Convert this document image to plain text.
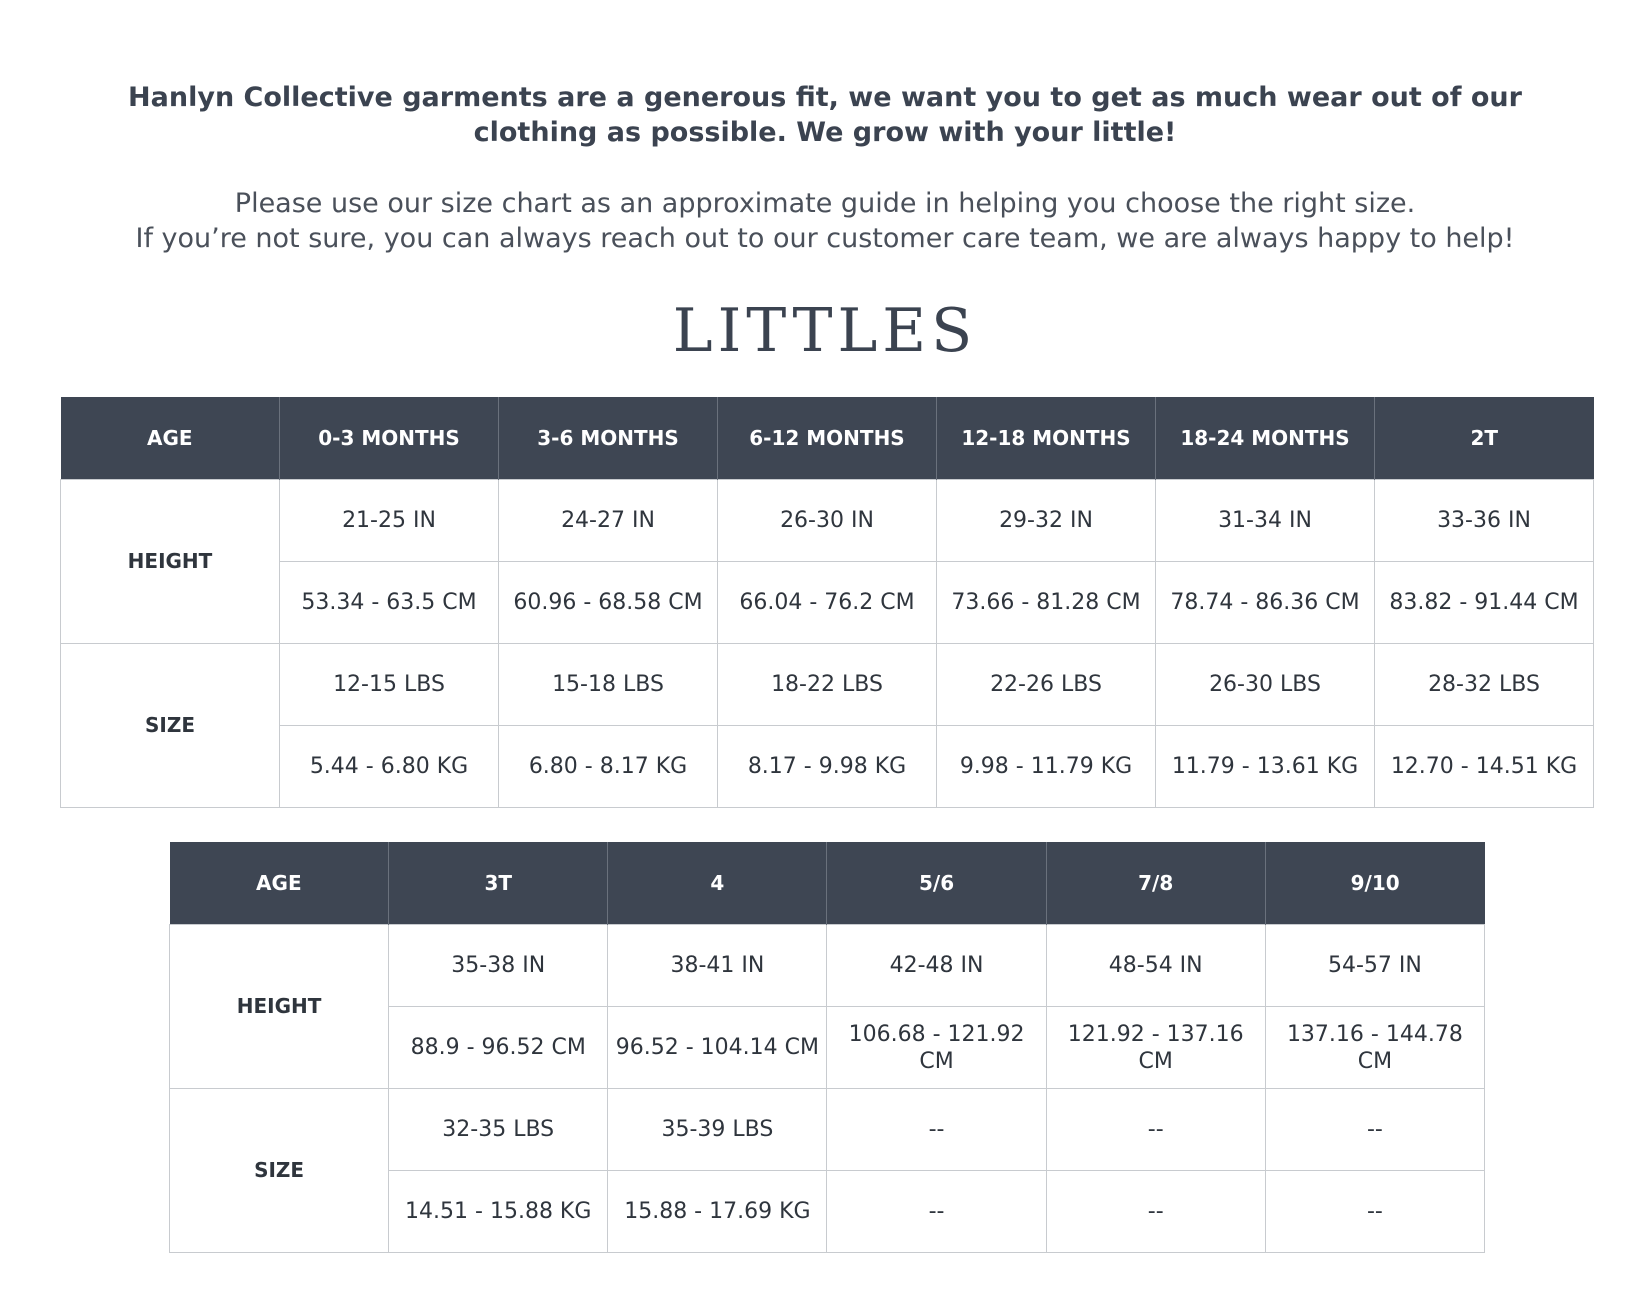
Hanlyn Collective garments are a generous fit, we want you to get as much wear out of our
clothing as possible. We grow with your little!
Please use our size chart as an approximate guide in helping you choose the right size.
If you’re not sure, you can always reach out to our customer care team, we are always happy to help!
LITTLES
AGE	0-3 MONTHS	3-6 MONTHS	6-12 MONTHS	12-18 MONTHS	18-24 MONTHS	2T
HEIGHT	21-25 IN	24-27 IN	26-30 IN	29-32 IN	31-34 IN	33-36 IN
	53.34 - 63.5 CM	60.96 - 68.58 CM	66.04 - 76.2 CM	73.66 - 81.28 CM	78.74 - 86.36 CM	83.82 - 91.44 CM
SIZE	12-15 LBS	15-18 LBS	18-22 LBS	22-26 LBS	26-30 LBS	28-32 LBS
	5.44 - 6.80 KG	6.80 - 8.17 KG	8.17 - 9.98 KG	9.98 - 11.79 KG	11.79 - 13.61 KG	12.70 - 14.51 KG
AGE	3T	4	5/6	7/8	9/10
HEIGHT	35-38 IN	38-41 IN	42-48 IN	48-54 IN	54-57 IN
	88.9 - 96.52 CM	96.52 - 104.14 CM	106.68 - 121.92 CM	121.92 - 137.16 CM	137.16 - 144.78 CM
SIZE	32-35 LBS	35-39 LBS	--	--	--
	14.51 - 15.88 KG	15.88 - 17.69 KG	--	--	--
